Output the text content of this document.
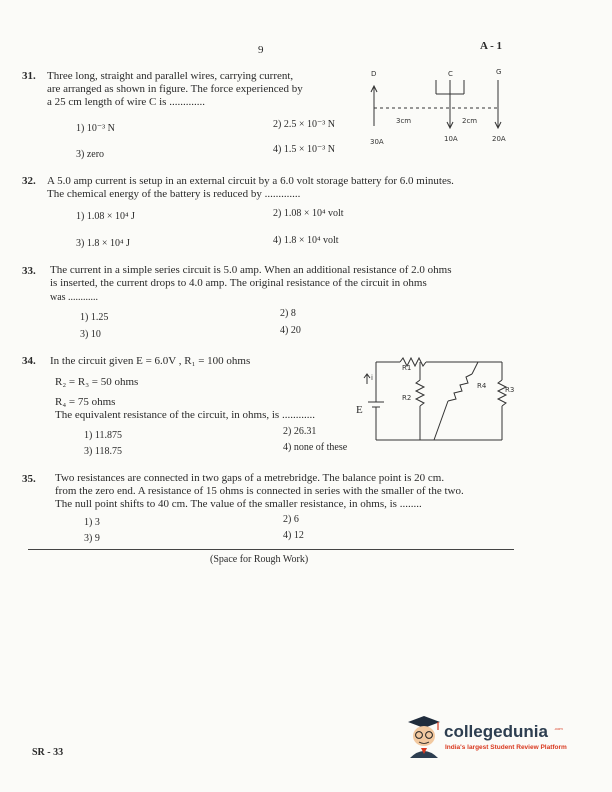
9	A - 1
31. Three long, straight and parallel wires, carrying current,
are arranged as shown in figure. The force experienced by
a 25 cm length of wire C is .............
1) 10⁻³ N	2) 2.5 × 10⁻³ N
3) zero	4) 1.5 × 10⁻³ N
D	C	G
3cm	2cm
30A	10A	20A
32. A 5.0 amp current is setup in an external circuit by a 6.0 volt storage battery for 6.0 minutes.
The chemical energy of the battery is reduced by .............
1) 1.08 × 10⁴ J	2) 1.08 × 10⁴ volt
3) 1.8 × 10⁴ J	4) 1.8 × 10⁴ volt
33. The current in a simple series circuit is 5.0 amp. When an additional resistance of 2.0 ohms
is inserted, the current drops to 4.0 amp. The original resistance of the circuit in ohms
was ............
1) 1.25	2) 8
3) 10	4) 20
34. In the circuit given E = 6.0V , R₁ = 100 ohms
R₂ = R₃ = 50 ohms
R₄ = 75 ohms
The equivalent resistance of the circuit, in ohms, is ............
1) 11.875	2) 26.31
3) 118.75	4) none of these
R1
R2
R4	R3
i
E
35. Two resistances are connected in two gaps of a metrebridge. The balance point is 20 cm.
from the zero end. A resistance of 15 ohms is connected in series with the smaller of the two.
The null point shifts to 40 cm. The value of the smaller resistance, in ohms, is ........
1) 3	2) 6
3) 9	4) 12
(Space for Rough Work)
SR - 33
collegedunia .com
India's largest Student Review Platform
